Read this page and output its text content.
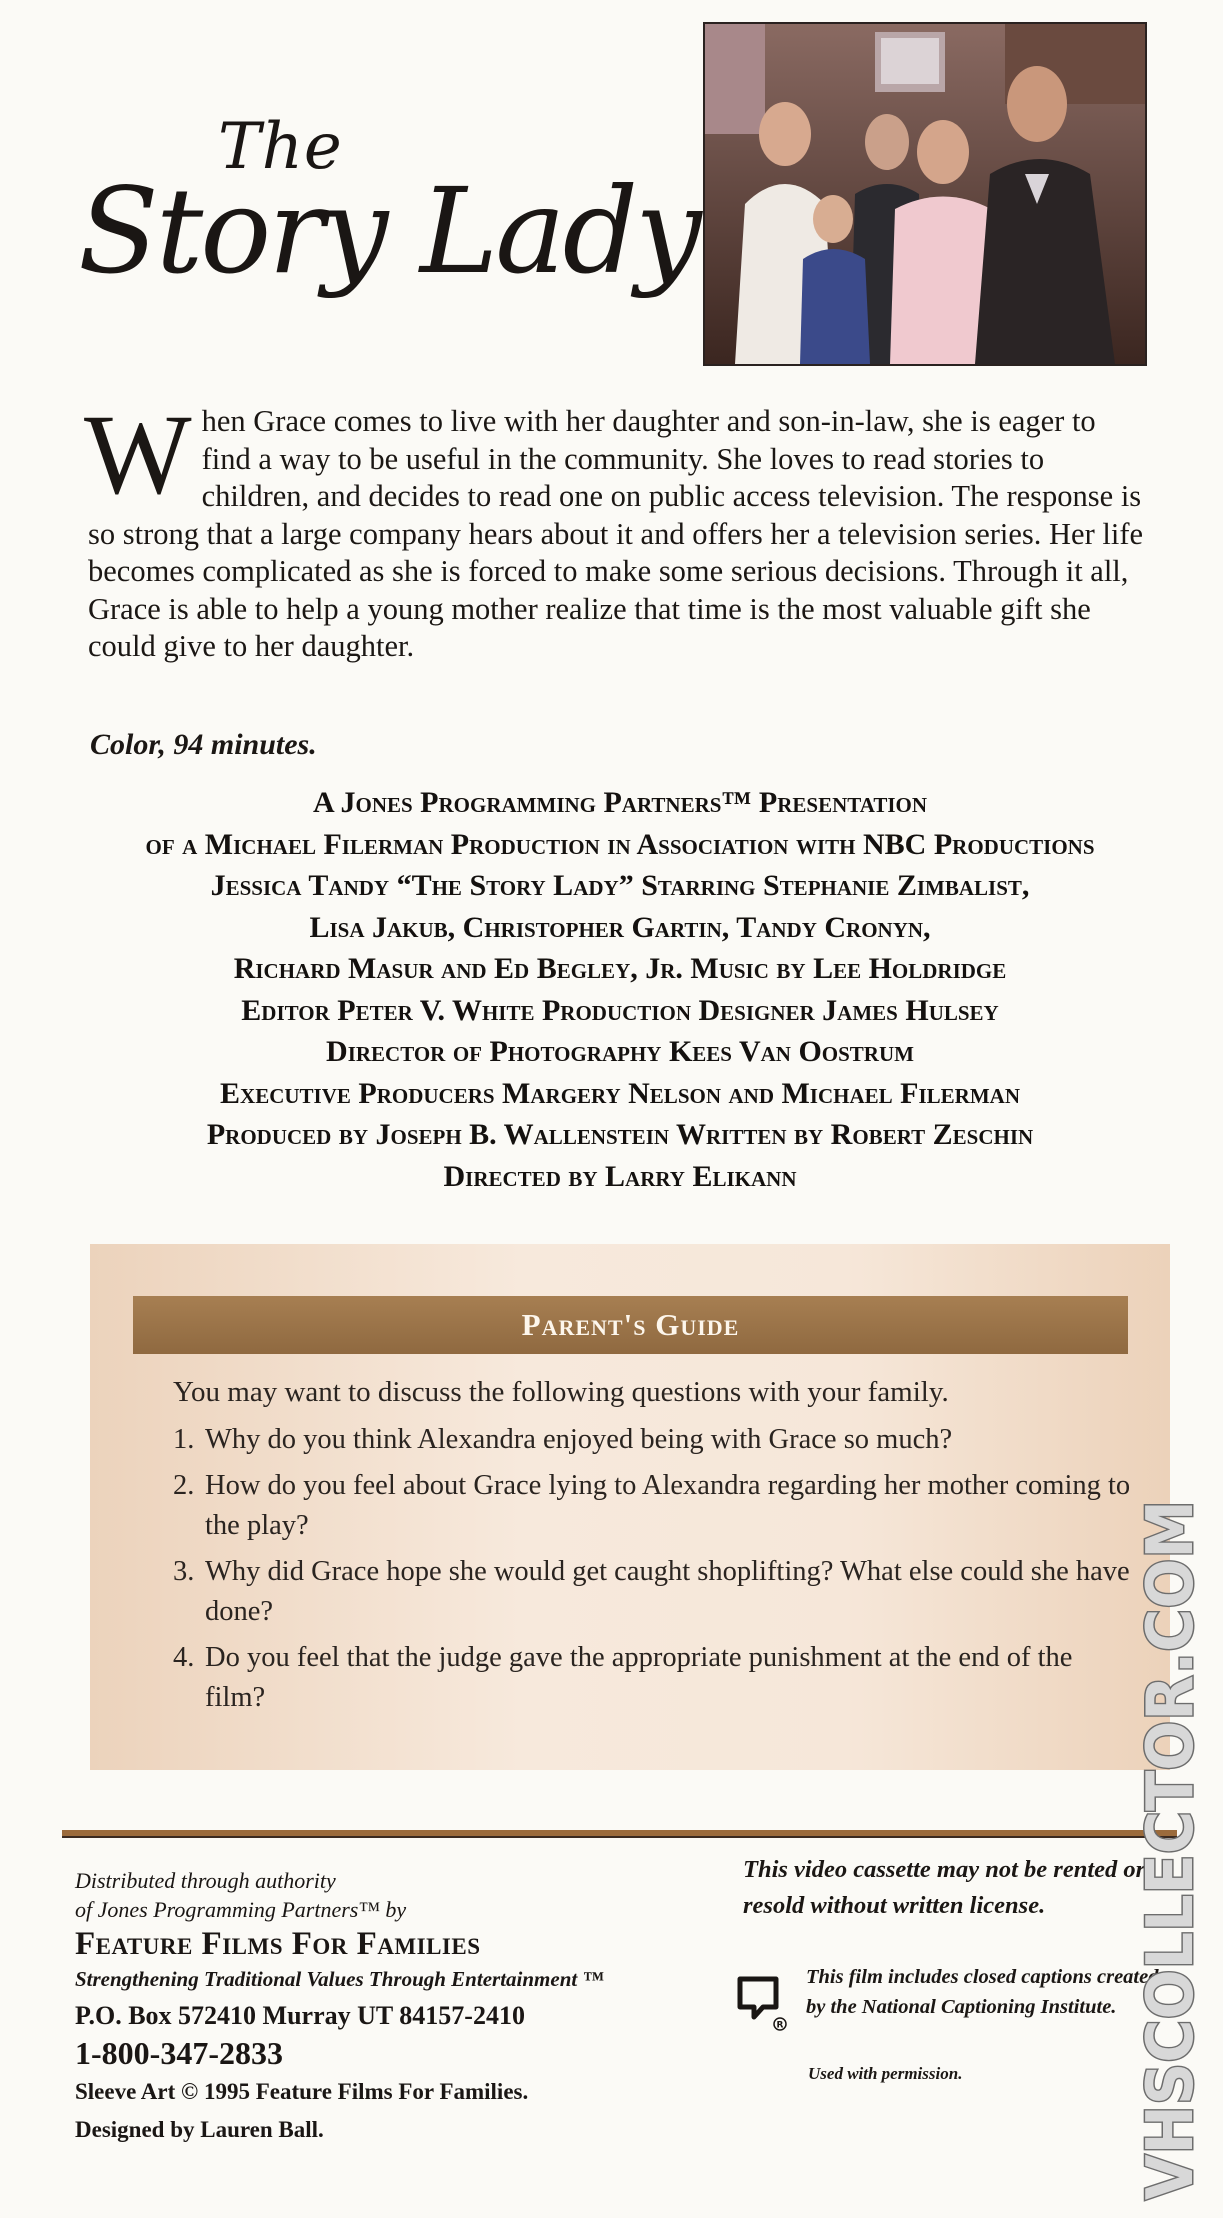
The
Story Lady
W hen Grace comes to live with her daughter and son-in-law, she is eager to find a way to be useful in the community. She loves to read stories to children, and decides to read one on public access television. The response is so strong that a large company hears about it and offers her a television series. Her life becomes complicated as she is forced to make some serious decisions. Through it all, Grace is able to help a young mother realize that time is the most valuable gift she could give to her daughter.
Color, 94 minutes.
A Jones Programming Partners™ Presentation
of a Michael Filerman Production in Association with NBC Productions
Jessica Tandy “The Story Lady” Starring Stephanie Zimbalist,
Lisa Jakub, Christopher Gartin, Tandy Cronyn,
Richard Masur and Ed Begley, Jr. Music by Lee Holdridge
Editor Peter V. White Production Designer James Hulsey
Director of Photography Kees Van Oostrum
Executive Producers Margery Nelson and Michael Filerman
Produced by Joseph B. Wallenstein Written by Robert Zeschin
Directed by Larry Elikann
Parent's Guide
You may want to discuss the following questions with your family.
1. Why do you think Alexandra enjoyed being with Grace so much?
2. How do you feel about Grace lying to Alexandra regarding her mother coming to the play?
3. Why did Grace hope she would get caught shoplifting? What else could she have done?
4. Do you feel that the judge gave the appropriate punishment at the end of the film?
Distributed through authority
of Jones Programming Partners™ by
Feature Films For Families
Strengthening Traditional Values Through Entertainment ™
P.O. Box 572410 Murray UT 84157-2410
1-800-347-2833
Sleeve Art © 1995 Feature Films For Families.
Designed by Lauren Ball.
This video cassette may not be rented or resold without written license.
R
This film includes closed captions created by the National Captioning Institute.
Used with permission.	VHSCOLLECTOR.COM
